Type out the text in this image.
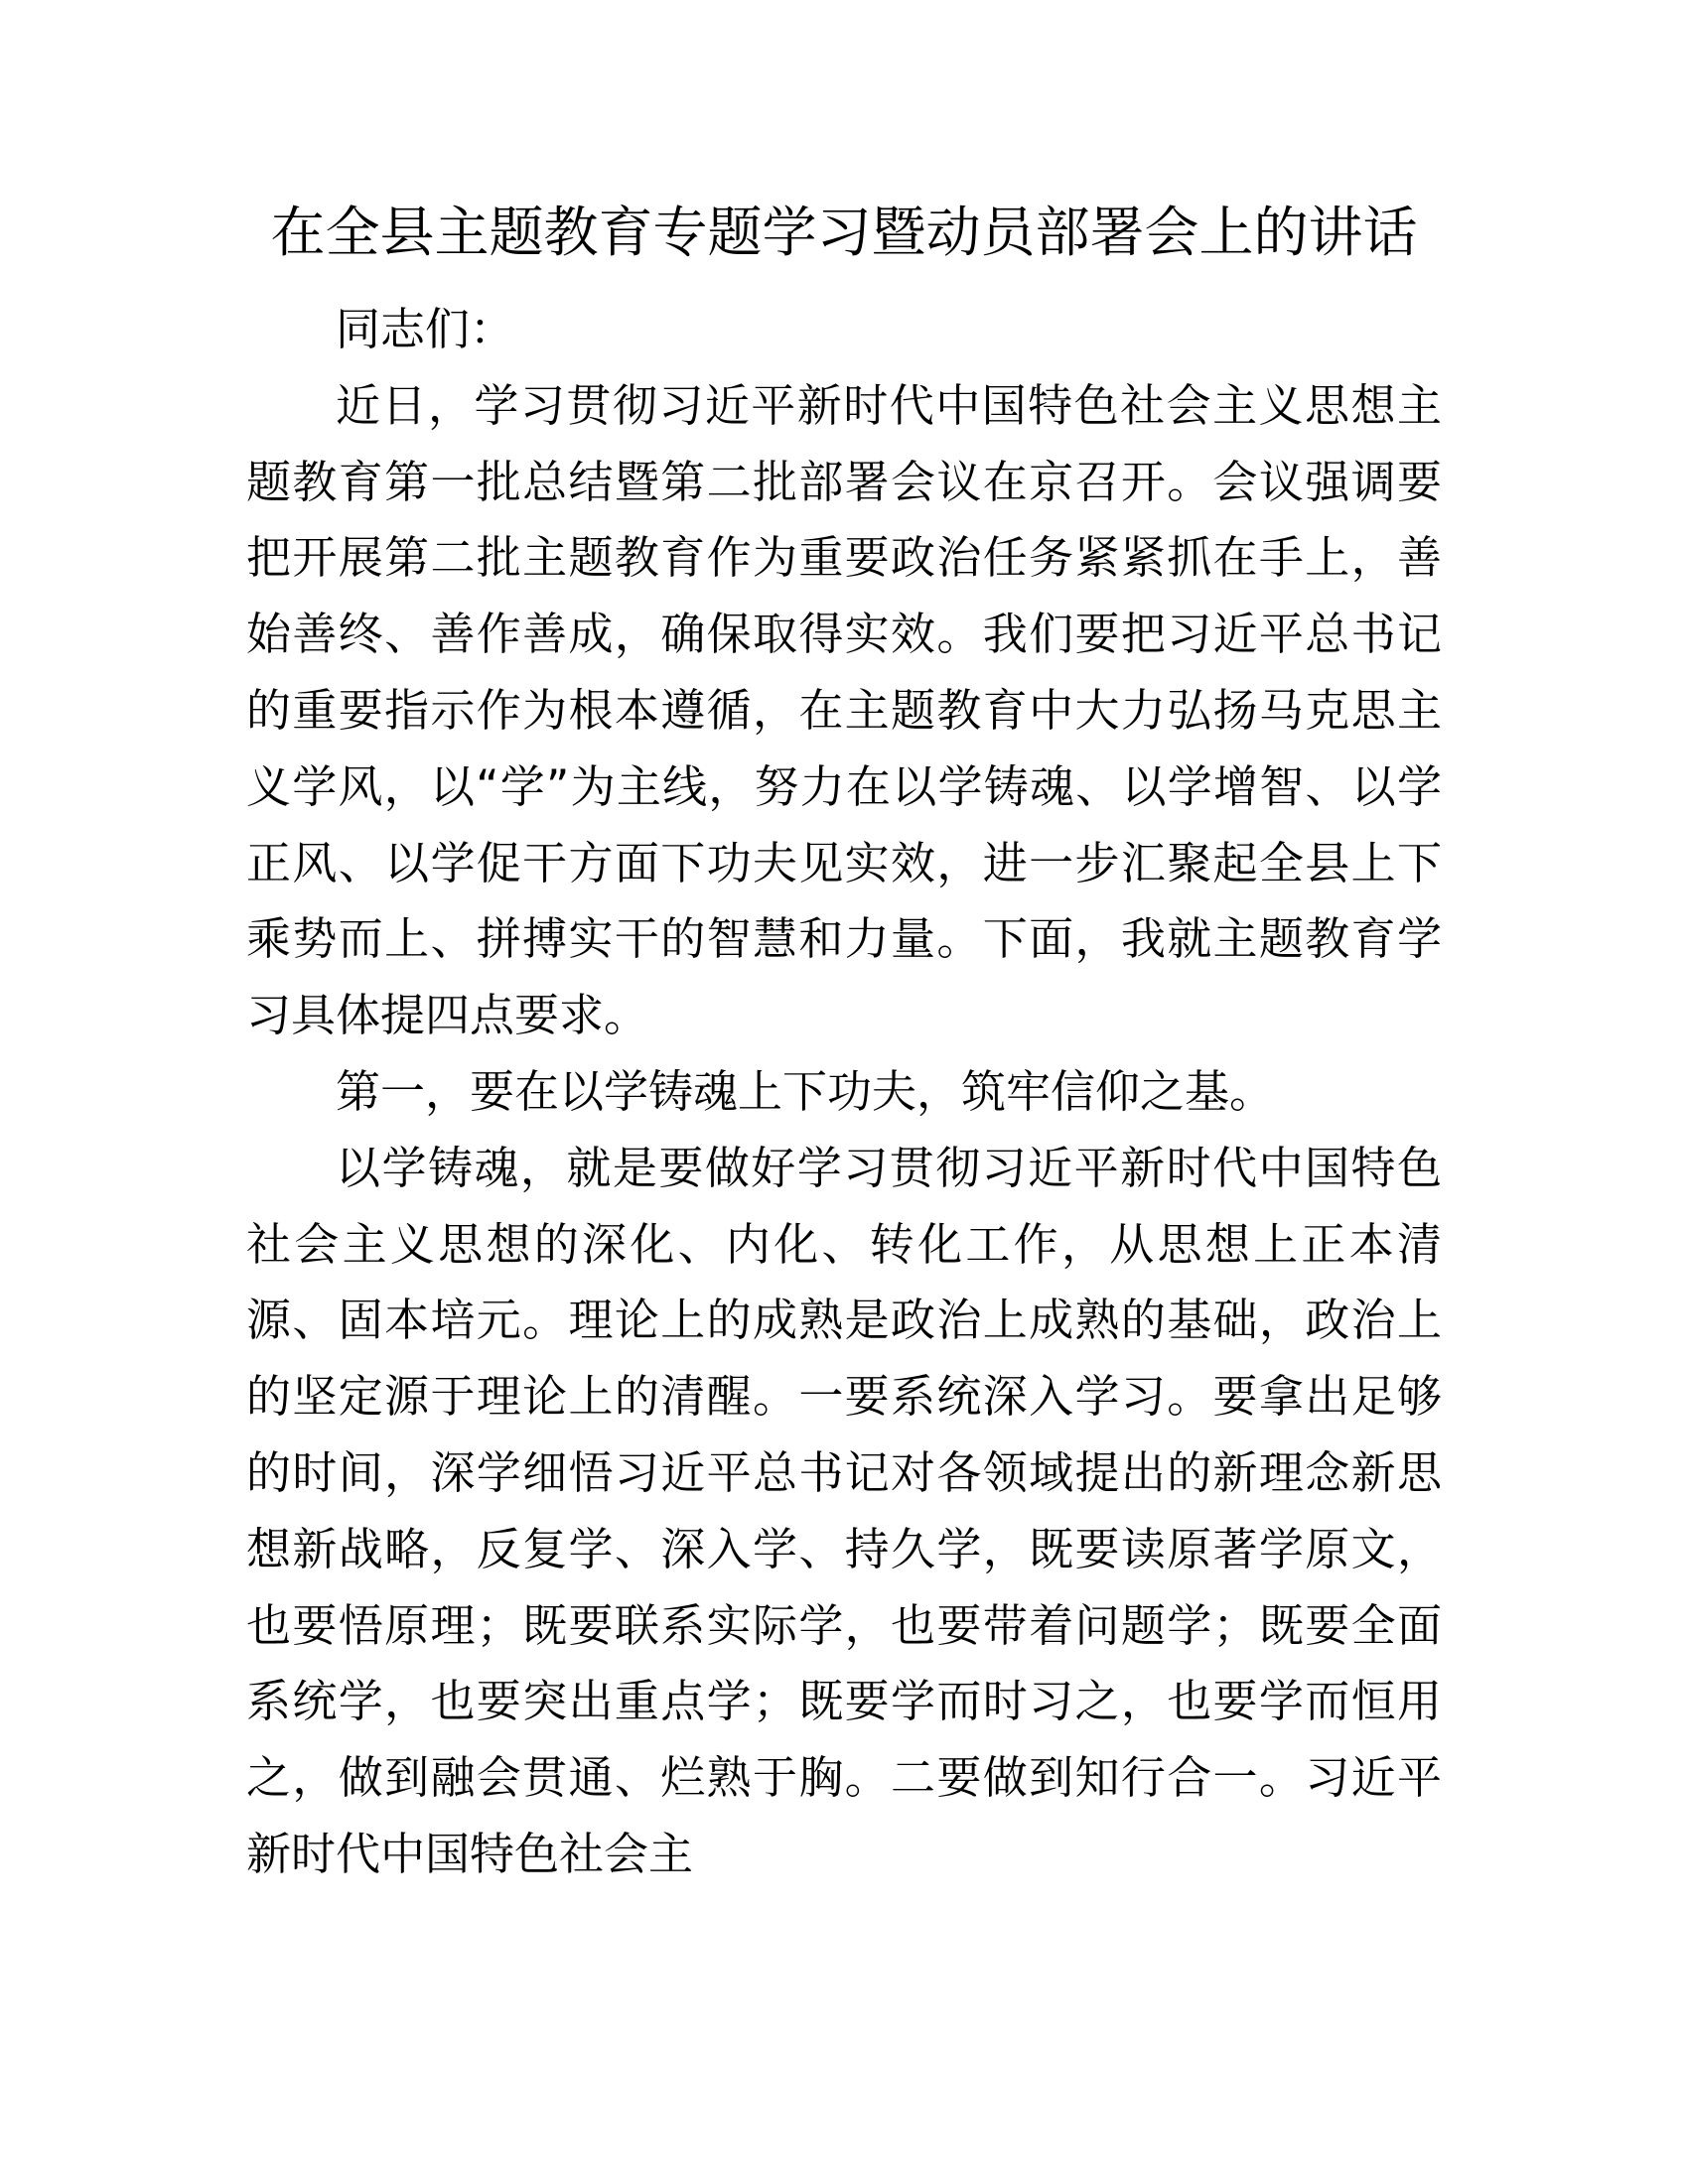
在全县主题教育专题学习暨动员部署会上的讲话

同志们：

近日，学习贯彻习近平新时代中国特色社会主义思想主题教育第一批总结暨第二批部署会议在京召开。会议强调要把开展第二批主题教育作为重要政治任务紧紧抓在手上，善始善终、善作善成，确保取得实效。我们要把习近平总书记的重要指示作为根本遵循，在主题教育中大力弘扬马克思主义学风，以“学”为主线，努力在以学铸魂、以学增智、以学正风、以学促干方面下功夫见实效，进一步汇聚起全县上下乘势而上、拼搏实干的智慧和力量。下面，我就主题教育学习具体提四点要求。

第一，要在以学铸魂上下功夫，筑牢信仰之基。

以学铸魂，就是要做好学习贯彻习近平新时代中国特色社会主义思想的深化、内化、转化工作，从思想上正本清源、固本培元。理论上的成熟是政治上成熟的基础，政治上的坚定源于理论上的清醒。一要系统深入学习。要拿出足够的时间，深学细悟习近平总书记对各领域提出的新理念新思想新战略，反复学、深入学、持久学，既要读原著学原文，也要悟原理；既要联系实际学，也要带着问题学；既要全面系统学，也要突出重点学；既要学而时习之，也要学而恒用之，做到融会贯通、烂熟于胸。二要做到知行合一。习近平新时代中国特色社会主
